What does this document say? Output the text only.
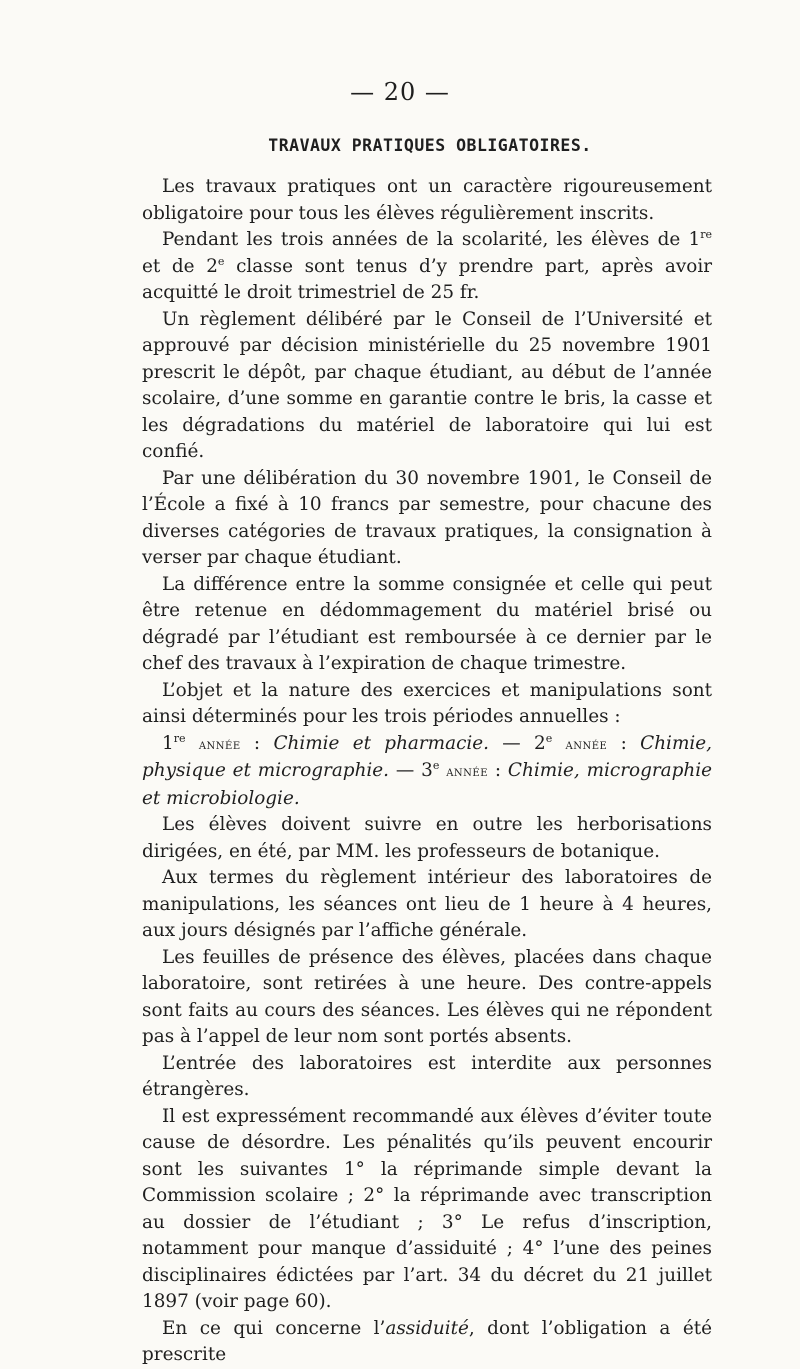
— 20 —
TRAVAUX PRATIQUES OBLIGATOIRES.

Les travaux pratiques ont un caractère rigoureusement obligatoire pour tous les élèves régulièrement inscrits.

Pendant les trois années de la scolarité, les élèves de 1re et de 2e classe sont tenus d’y prendre part, après avoir acquitté le droit trimestriel de 25 fr.

Un règlement délibéré par le Conseil de l’Université et approuvé par décision ministérielle du 25 novembre 1901 prescrit le dépôt, par chaque étudiant, au début de l’année scolaire, d’une somme en garantie contre le bris, la casse et les dégradations du matériel de laboratoire qui lui est confié.

Par une délibération du 30 novembre 1901, le Conseil de l’École a fixé à 10 francs par semestre, pour chacune des diverses catégories de travaux pratiques, la consignation à verser par chaque étudiant.

La différence entre la somme consignée et celle qui peut être retenue en dédommagement du matériel brisé ou dégradé par l’étudiant est remboursée à ce dernier par le chef des travaux à l’expiration de chaque trimestre.

L’objet et la nature des exercices et manipulations sont ainsi déterminés pour les trois périodes annuelles :

1re année : Chimie et pharmacie. — 2e année : Chimie, physique et micrographie. — 3e année : Chimie, micrographie et microbiologie.

Les élèves doivent suivre en outre les herborisations dirigées, en été, par MM. les professeurs de botanique.

Aux termes du règlement intérieur des laboratoires de manipulations, les séances ont lieu de 1 heure à 4 heures, aux jours désignés par l’affiche générale.

Les feuilles de présence des élèves, placées dans chaque laboratoire, sont retirées à une heure. Des contre-appels sont faits au cours des séances. Les élèves qui ne répondent pas à l’appel de leur nom sont portés absents.

L’entrée des laboratoires est interdite aux personnes étrangères.

Il est expressément recommandé aux élèves d’éviter toute cause de désordre. Les pénalités qu’ils peuvent encourir sont les suivantes 1° la réprimande simple devant la Commission scolaire ; 2° la réprimande avec transcription au dossier de l’étudiant ; 3° Le refus d’inscription, notamment pour manque d’assiduité ; 4° l’une des peines disciplinaires édictées par l’art. 34 du décret du 21 juillet 1897 (voir page 60).

En ce qui concerne l’assiduité, dont l’obligation a été prescrite
